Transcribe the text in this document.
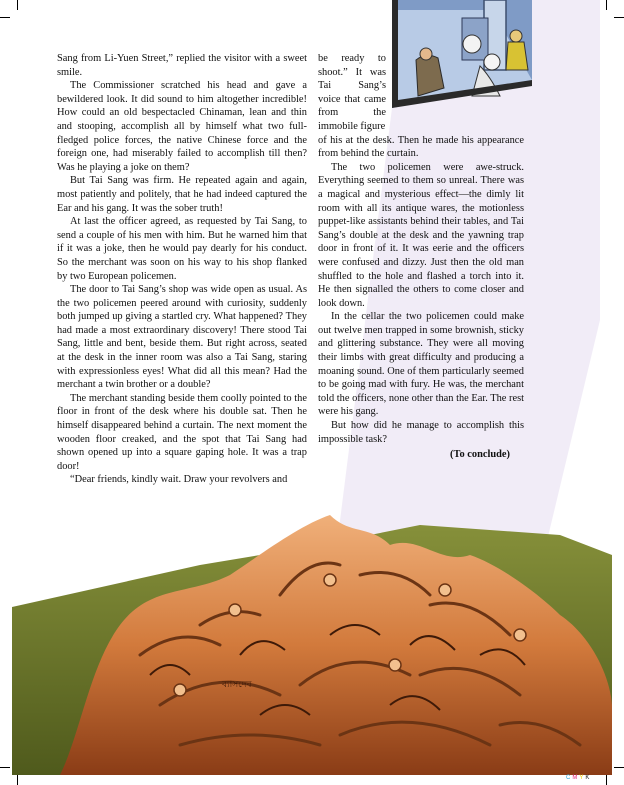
Sang from Li-Yuen Street,” replied the visitor with a sweet smile.

The Commissioner scratched his head and gave a bewildered look. It did sound to him altogether incredible! How could an old bespectacled Chinaman, lean and thin and stooping, accomplish all by himself what two full-fledged police forces, the native Chinese force and the foreign one, had miserably failed to accomplish till then? Was he playing a joke on them?

But Tai Sang was firm. He repeated again and again, most patiently and politely, that he had indeed captured the Ear and his gang. It was the sober truth!

At last the officer agreed, as requested by Tai Sang, to send a couple of his men with him. But he warned him that if it was a joke, then he would pay dearly for his conduct. So the merchant was soon on his way to his shop flanked by two European policemen.

The door to Tai Sang’s shop was wide open as usual. As the two policemen peered around with curiosity, suddenly both jumped up giving a startled cry. What happened? They had made a most extraordinary discovery! There stood Tai Sang, little and bent, beside them. But right across, seated at the desk in the inner room was also a Tai Sang, staring with expressionless eyes! What did all this mean? Had the merchant a twin brother or a double?

The merchant standing beside them coolly pointed to the floor in front of the desk where his double sat. Then he himself disappeared behind a curtain. The next moment the wooden floor creaked, and the spot that Tai Sang had shown opened up into a square gaping hole. It was a trap door!

“Dear friends, kindly wait. Draw your revolvers and

be ready to shoot.” It was Tai Sang’s voice that came from the immobile figure

of his at the desk. Then he made his appearance from behind the curtain.

The two policemen were awe-struck. Everything seemed to them so unreal. There was a magical and mysterious effect—the dimly lit room with all its antique wares, the motionless puppet-like assistants behind their tables, and Tai Sang’s double at the desk and the yawning trap door in front of it. It was eerie and the officers were confused and dizzy. Just then the old man shuffled to the hole and flashed a torch into it. He then signalled the others to come closer and look down.

In the cellar the two policemen could make out twelve men trapped in some brownish, sticky and glittering substance. They were all moving their limbs with great difficulty and producing a moaning sound. One of them particularly seemed to be going mad with fury. He was, the merchant told the officers, none other than the Ear. The rest were his gang.

But how did he manage to accomplish this impossible task?

(To conclude)

ব্যাসদেব
CMYK
